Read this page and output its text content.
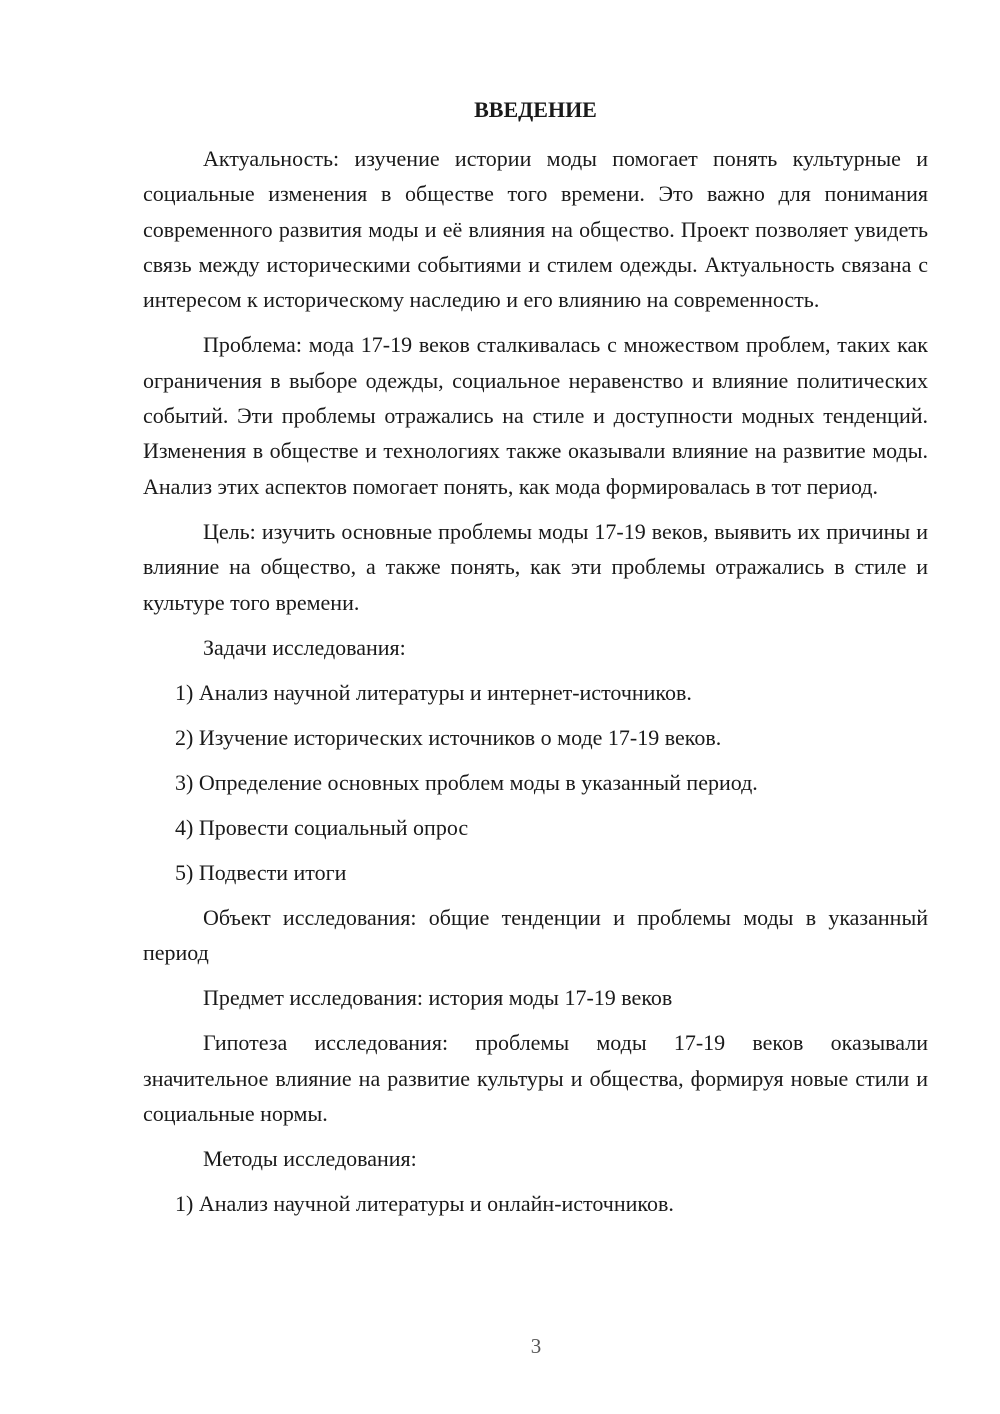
ВВЕДЕНИЕ

Актуальность: изучение истории моды помогает понять культурные и социальные изменения в обществе того времени. Это важно для понимания современного развития моды и её влияния на общество. Проект позволяет увидеть связь между историческими событиями и стилем одежды. Актуальность связана с интересом к историческому наследию и его влиянию на современность.

Проблема: мода 17-19 веков сталкивалась с множеством проблем, таких как ограничения в выборе одежды, социальное неравенство и влияние политических событий. Эти проблемы отражались на стиле и доступности модных тенденций. Изменения в обществе и технологиях также оказывали влияние на развитие моды. Анализ этих аспектов помогает понять, как мода формировалась в тот период.

Цель: изучить основные проблемы моды 17-19 веков, выявить их причины и влияние на общество, а также понять, как эти проблемы отражались в стиле и культуре того времени.

Задачи исследования:
1) Анализ научной литературы и интернет-источников.
2) Изучение исторических источников о моде 17-19 веков.
3) Определение основных проблем моды в указанный период.
4) Провести социальный опрос
5) Подвести итоги

Объект исследования: общие тенденции и проблемы моды в указанный период

Предмет исследования: история моды 17-19 веков

Гипотеза исследования: проблемы моды 17-19 веков оказывали значительное влияние на развитие культуры и общества, формируя новые стили и социальные нормы.

Методы исследования:
1) Анализ научной литературы и онлайн-источников.
3
